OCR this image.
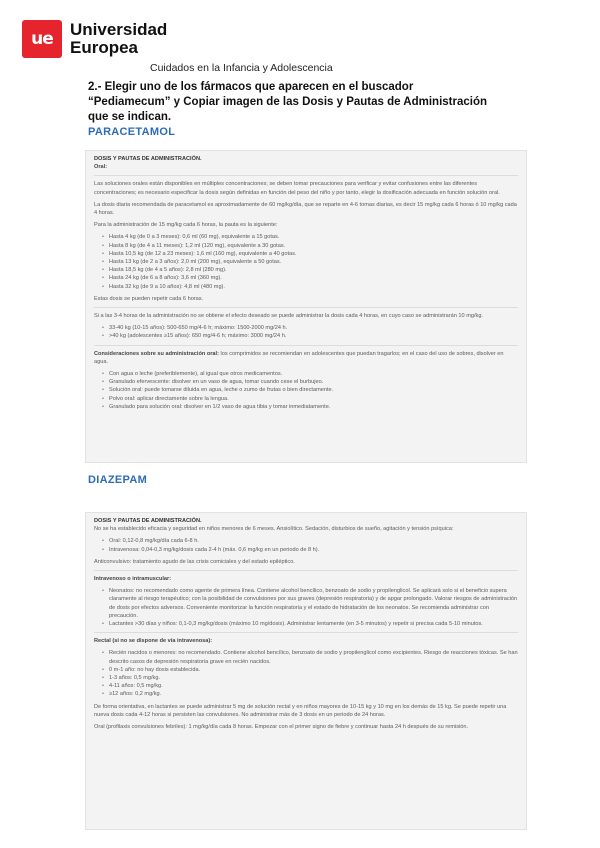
ue	Universidad
Europea
Cuidados en la Infancia y Adolescencia
2.- Elegir uno de los fármacos que aparecen en el buscador “Pediamecum” y Copiar imagen de las Dosis y Pautas de Administración que se indican.
PARACETAMOL
DOSIS Y PAUTAS DE ADMINISTRACIÓN.

Oral:

Las soluciones orales están disponibles en múltiples concentraciones; se deben tomar precauciones para verificar y evitar confusiones entre las diferentes concentraciones; es necesario especificar la dosis según definidas en función del peso del niño y por tanto, elegir la dosificación adecuada en función solución oral.

La dosis diaria recomendada de paracetamol es aproximadamente de 60 mg/kg/día, que se reparte en 4-6 tomas diarias, es decir 15 mg/kg cada 6 horas ó 10 mg/kg cada 4 horas.

Para la administración de 15 mg/kg cada 6 horas, la pauta es la siguiente:

• Hasta 4 kg (de 0 a 3 meses): 0,6 ml (60 mg), equivalente a 15 gotas.
• Hasta 8 kg (de 4 a 11 meses): 1,2 ml (120 mg), equivalente a 30 gotas.
• Hasta 10,5 kg (de 12 a 23 meses): 1,6 ml (160 mg), equivalente a 40 gotas.
• Hasta 13 kg (de 2 a 3 años): 2,0 ml (200 mg), equivalente a 50 gotas.
• Hasta 18,5 kg (de 4 a 5 años): 2,8 ml (280 mg).
• Hasta 24 kg (de 6 a 8 años): 3,6 ml (360 mg).
• Hasta 32 kg (de 9 a 10 años): 4,8 ml (480 mg).

Estas dosis se pueden repetir cada 6 horas.

Si a las 3-4 horas de la administración no se obtiene el efecto deseado se puede administrar la dosis cada 4 horas, en cuyo caso se administrarán 10 mg/kg.

• 33-40 kg (10-15 años): 500-650 mg/4-6 h; máximo: 1500-2000 mg/24 h.
• >40 kg (adolescentes ≥15 años): 650 mg/4-6 h; máximo: 3000 mg/24 h.

Consideraciones sobre su administración oral: los comprimidos se recomiendan en adolescentes que puedan tragarlos; en el caso del uso de sobres, disolver en agua.

• Con agua o leche (preferiblemente), al igual que otros medicamentos.
• Granulado efervescente: disolver en un vaso de agua, tomar cuando cese el burbujeo.
• Solución oral: puede tomarse diluida en agua, leche o zumo de frutas o bien directamente.
• Polvo oral: aplicar directamente sobre la lengua.
• Granulado para solución oral: disolver en 1/2 vaso de agua tibia y tomar inmediatamente.
DIAZEPAM
DOSIS Y PAUTAS DE ADMINISTRACIÓN.

No se ha establecido eficacia y seguridad en niños menores de 6 meses. Ansiolítico. Sedación, disturbios de sueño, agitación y tensión psíquica:

• Oral: 0,12-0,8 mg/kg/día cada 6-8 h.
• Intravenosa: 0,04-0,3 mg/kg/dosis cada 2-4 h (máx. 0,6 mg/kg en un periodo de 8 h).

Anticonvulsivo: tratamiento agudo de las crisis comiciales y del estado epiléptico.

Intravenoso o intramuscular:

• Neonatos: no recomendado como agente de primera línea. Contiene alcohol bencílico, benzoato de sodio y propilenglicol. Se aplicará solo si el beneficio supera claramente al riesgo terapéutico; con la posibilidad de convulsiones por sus graves (depresión respiratoria) y de apgar prolongado. Valorar riesgos de administración de dosis por efectos adversos. Conveniente monitorizar la función respiratoria y el estado de hidratación de los neonatos. Se recomienda administrar con precaución.
• Lactantes >30 días y niños: 0,1-0,3 mg/kg/dosis (máximo 10 mg/dosis). Administrar lentamente (en 3-5 minutos) y repetir si precisa cada 5-10 minutos.

Rectal (si no se dispone de vía intravenosa):

• Recién nacidos o menores: no recomendado. Contiene alcohol bencílico, benzoato de sodio y propilenglicol como excipientes. Riesgo de reacciones tóxicas. Se han descrito casos de depresión respiratoria grave en recién nacidos.
• 0 m-1 año: no hay dosis establecida.
• 1-3 años: 0,5 mg/kg.
• 4-11 años: 0,5 mg/kg.
• ≥12 años: 0,2 mg/kg.

De forma orientativa, en lactantes se puede administrar 5 mg de solución rectal y en niños mayores de 10-15 kg y 10 mg en los demás de 15 kg. Se puede repetir una nueva dosis cada 4-12 horas si persisten las convulsiones. No administrar más de 3 dosis en un periodo de 24 horas.

Oral (profilaxis convulsiones febriles): 1 mg/kg/día cada 8 horas. Empezar con el primer signo de fiebre y continuar hasta 24 h después de su remisión.
